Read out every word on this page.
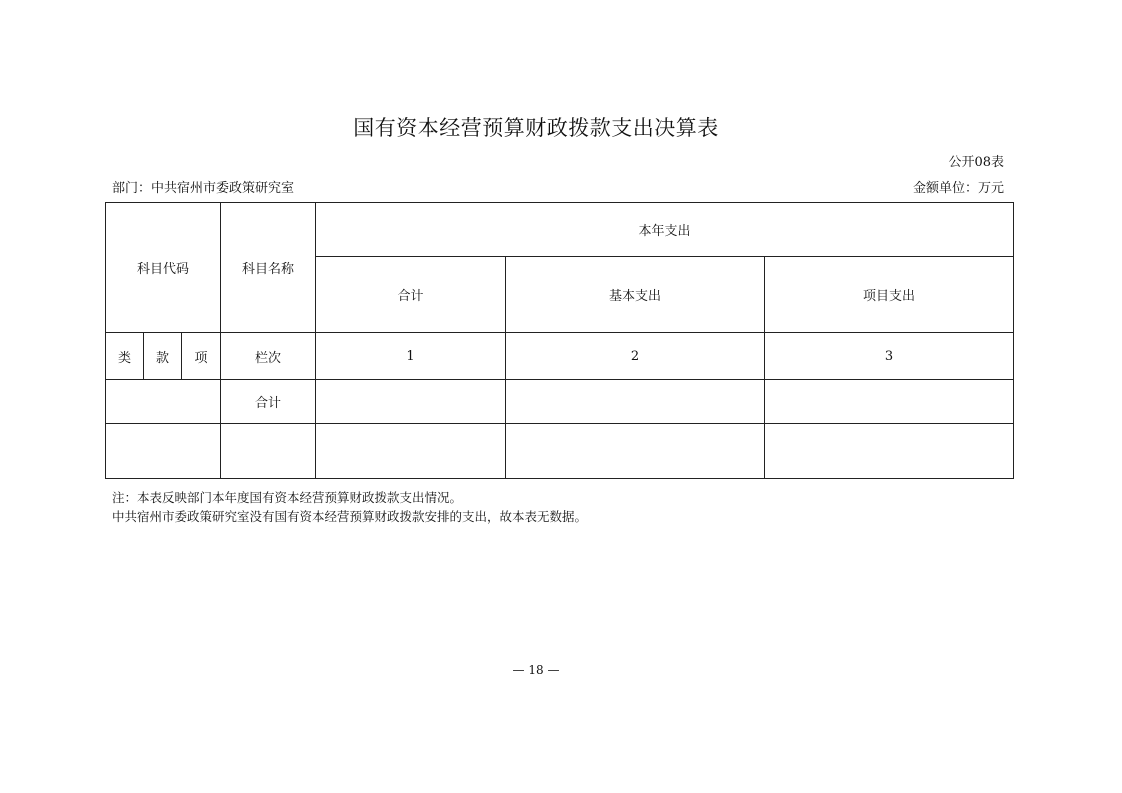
国有资本经营预算财政拨款支出决算表
公开08表
部门：中共宿州市委政策研究室	金额单位：万元
科目代码			科目名称	本年支出		
				合计	基本支出	项目支出
类	款	项	栏次	1	2	3
			合计			

注：本表反映部门本年度国有资本经营预算财政拨款支出情况。
中共宿州市委政策研究室没有国有资本经营预算财政拨款安排的支出，故本表无数据。
— 18 —
